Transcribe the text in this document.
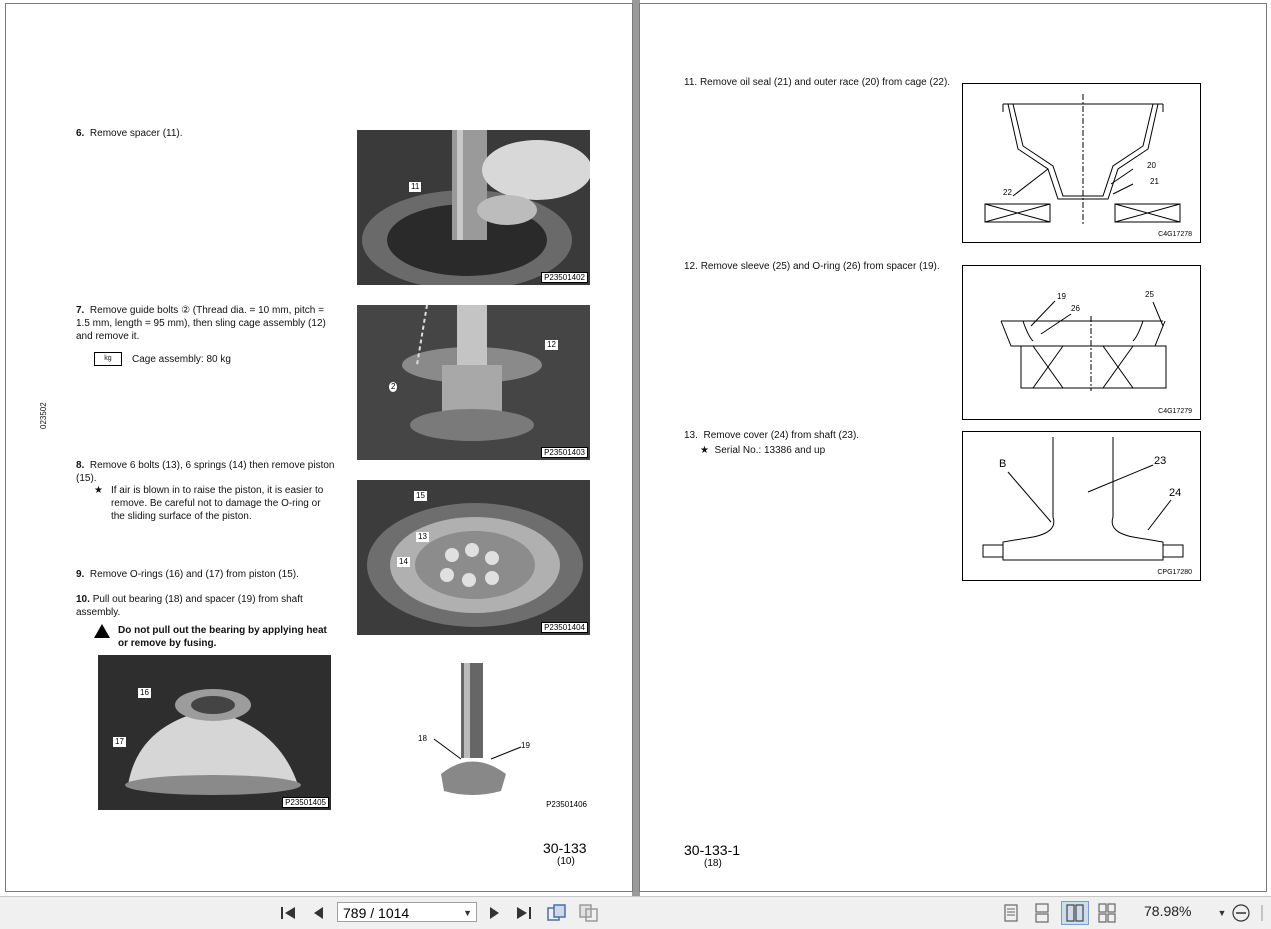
023502
6. Remove spacer (11).
11
P23501402
7. Remove guide bolts ② (Thread dia. = 10 mm, pitch = 1.5 mm, length = 95 mm), then sling cage assembly (12) and remove it.
kg	Cage assembly: 80 kg
12
2
P23501403
8. Remove 6 bolts (13), 6 springs (14) then remove piston (15).
★ If air is blown in to raise the piston, it is easier to remove. Be careful not to damage the O-ring or the sliding surface of the piston.
15
13
14
P23501404
9. Remove O-rings (16) and (17) from piston (15).
10. Pull out bearing (18) and spacer (19) from shaft assembly.
Do not pull out the bearing by applying heat or remove by fusing.
16
17
P23501405
18
19
P23501406
30-133
(10)
11. Remove oil seal (21) and outer race (20) from cage (22).
22
20
21
C4G17278
12. Remove sleeve (25) and O-ring (26) from spacer (19).
19
26
25
C4G17279
13. Remove cover (24) from shaft (23).
★ Serial No.: 13386 and up
B	23
24
CPG17280
30-133-1
(18)
789 / 1014	▼	78.98%	▼
